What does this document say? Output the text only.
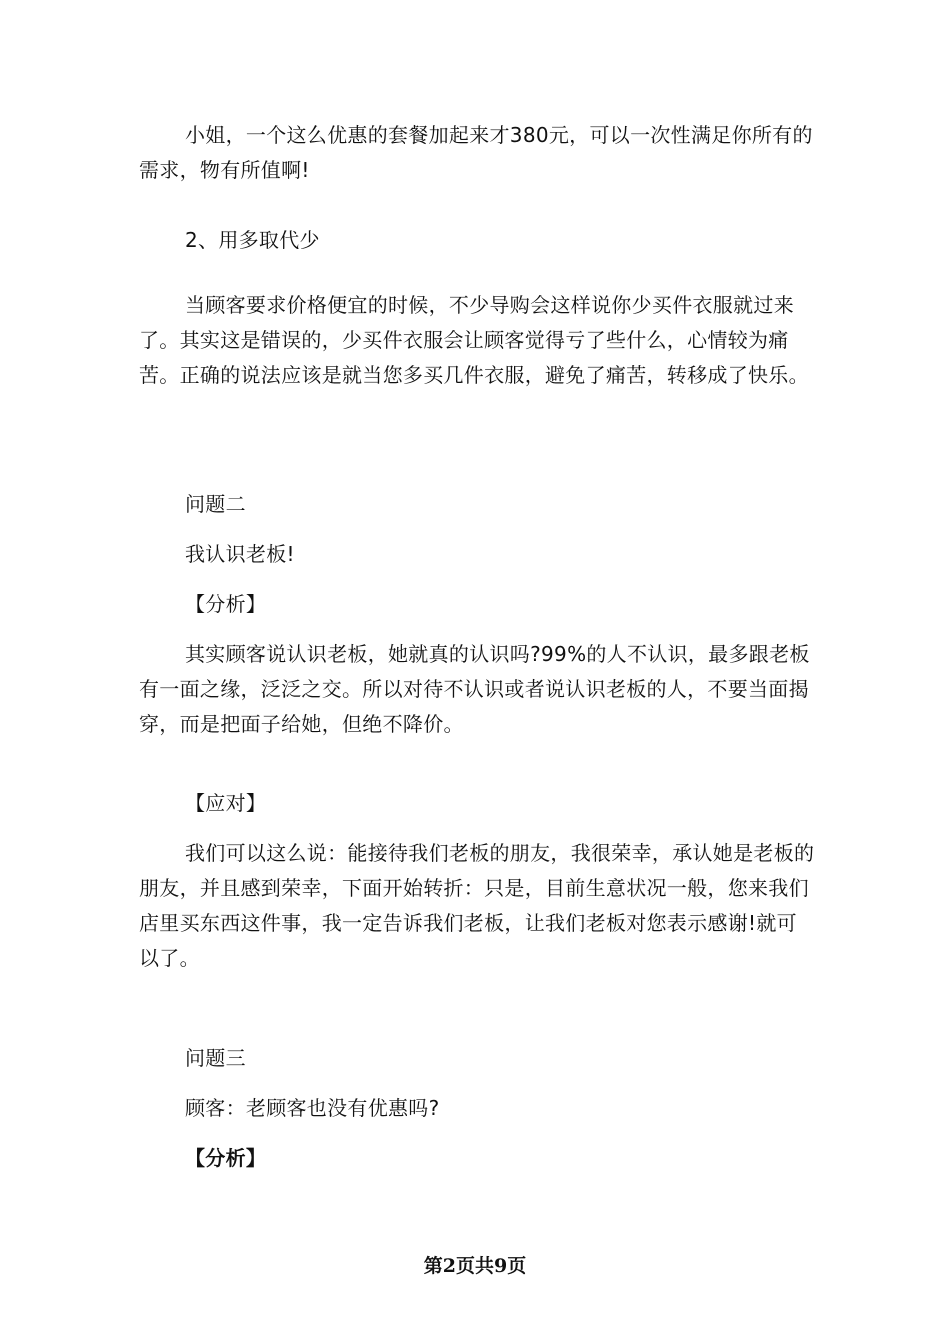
小姐，一个这么优惠的套餐加起来才380元，可以一次性满足你所有的需求，物有所值啊!
2、用多取代少
当顾客要求价格便宜的时候，不少导购会这样说你少买件衣服就过来了。其实这是错误的，少买件衣服会让顾客觉得亏了些什么，心情较为痛苦。正确的说法应该是就当您多买几件衣服，避免了痛苦，转移成了快乐。
问题二
我认识老板!
【分析】
其实顾客说认识老板，她就真的认识吗?99%的人不认识，最多跟老板有一面之缘，泛泛之交。所以对待不认识或者说认识老板的人，不要当面揭穿，而是把面子给她，但绝不降价。
【应对】
我们可以这么说：能接待我们老板的朋友，我很荣幸，承认她是老板的朋友，并且感到荣幸，下面开始转折：只是，目前生意状况一般，您来我们店里买东西这件事，我一定告诉我们老板，让我们老板对您表示感谢!就可以了。
问题三
顾客：老顾客也没有优惠吗?
【分析】
第2页共9页
